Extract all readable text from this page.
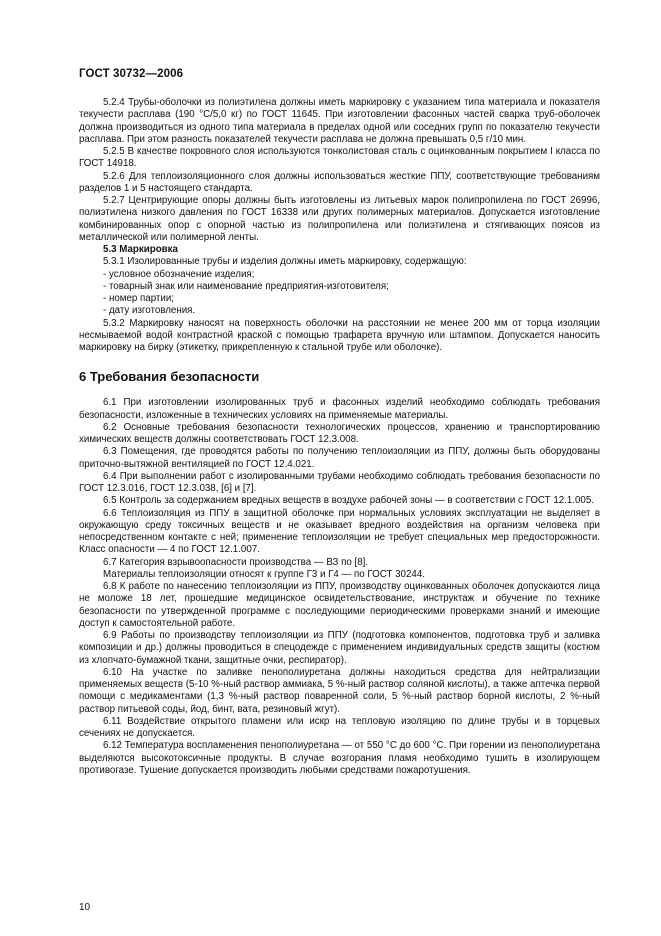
ГОСТ 30732—2006

5.2.4 Трубы-оболочки из полиэтилена должны иметь маркировку с указанием типа материала и показателя текучести расплава (190 °С/5,0 кг) по ГОСТ 11645. При изготовлении фасонных частей сварка труб-оболочек должна производиться из одного типа материала в пределах одной или соседних групп по показателю текучести расплава. При этом разность показателей текучести расплава не должна превышать 0,5 г/10 мин.

5.2.5 В качестве покровного слоя используются тонколистовая сталь с оцинкованным покрытием I класса по ГОСТ 14918.

5.2.6 Для теплоизоляционного слоя должны использоваться жесткие ППУ, соответствующие требованиям разделов 1 и 5 настоящего стандарта.

5.2.7 Центрирующие опоры должны быть изготовлены из литьевых марок полипропилена по ГОСТ 26996, полиэтилена низкого давления по ГОСТ 16338 или других полимерных материалов. Допускается изготовление комбинированных опор с опорной частью из полипропилена или полиэтилена и стягивающих поясов из металлической или полимерной ленты.

5.3 Маркировка

5.3.1 Изолированные трубы и изделия должны иметь маркировку, содержащую:

- условное обозначение изделия;

- товарный знак или наименование предприятия-изготовителя;

- номер партии;

- дату изготовления.

5.3.2 Маркировку наносят на поверхность оболочки на расстоянии не менее 200 мм от торца изоляции несмываемой водой контрастной краской с помощью трафарета вручную или штампом. Допускается наносить маркировку на бирку (этикетку, прикрепленную к стальной трубе или оболочке).

6 Требования безопасности

6.1 При изготовлении изолированных труб и фасонных изделий необходимо соблюдать требования безопасности, изложенные в технических условиях на применяемые материалы.

6.2 Основные требования безопасности технологических процессов, хранению и транспортированию химических веществ должны соответствовать ГОСТ 12.3.008.

6.3 Помещения, где проводятся работы по получению теплоизоляции из ППУ, должны быть оборудованы приточно-вытяжной вентиляцией по ГОСТ 12.4.021.

6.4 При выполнении работ с изолированными трубами необходимо соблюдать требования безопасности по ГОСТ 12.3.016, ГОСТ 12.3.038, [6] и [7].

6.5 Контроль за содержанием вредных веществ в воздухе рабочей зоны — в соответствии с ГОСТ 12.1.005.

6.6 Теплоизоляция из ППУ в защитной оболочке при нормальных условиях эксплуатации не выделяет в окружающую среду токсичных веществ и не оказывает вредного воздействия на организм человека при непосредственном контакте с ней; применение теплоизоляции не требует специальных мер предосторожности. Класс опасности — 4 по ГОСТ 12.1.007.

6.7 Категория взрывоопасности производства — ВЗ по [8].

Материалы теплоизоляции относят к группе Г3 и Г4 — по ГОСТ 30244.

6.8 К работе по нанесению теплоизоляции из ППУ, производству оцинкованных оболочек допускаются лица не моложе 18 лет, прошедшие медицинское освидетельствование, инструктаж и обучение по технике безопасности по утвержденной программе с последующими периодическими проверками знаний и имеющие доступ к самостоятельной работе.

6.9 Работы по производству теплоизоляции из ППУ (подготовка компонентов, подготовка труб и заливка композиции и др.) должны проводиться в спецодежде с применением индивидуальных средств защиты (костюм из хлопчато-бумажной ткани, защитные очки, респиратор).

6.10 На участке по заливке пенополиуретана должны находиться средства для нейтрализации применяемых веществ (5-10 %-ный раствор аммиака, 5 %-ный раствор соляной кислоты), а также аптечка первой помощи с медикаментами (1,3 %-ный раствор поваренной соли, 5 %-ный раствор борной кислоты, 2 %-ный раствор питьевой соды, йод, бинт, вата, резиновый жгут).

6.11 Воздействие открытого пламени или искр на тепловую изоляцию по длине трубы и в торцевых сечениях не допускается.

6.12 Температура воспламенения пенополиуретана — от 550 °С до 600 °С. При горении из пенополиуретана выделяются высокотоксичные продукты. В случае возгорания пламя необходимо тушить в изолирующем противогазе. Тушение допускается производить любыми средствами пожаротушения.

10
